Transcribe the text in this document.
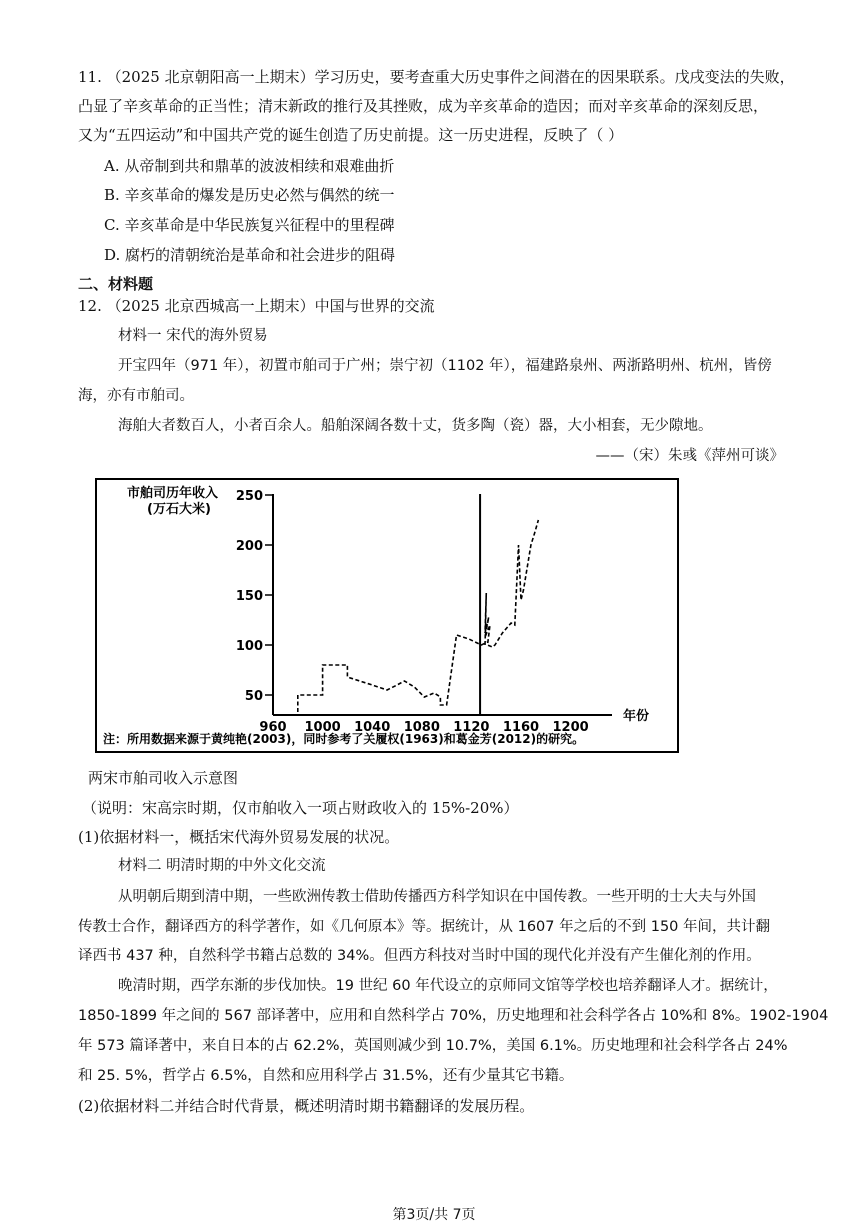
11. （2025 北京朝阳高一上期末）学习历史，要考查重大历史事件之间潜在的因果联系。戊戌变法的失败，
凸显了辛亥革命的正当性；清末新政的推行及其挫败，成为辛亥革命的造因；而对辛亥革命的深刻反思，
又为“五四运动”和中国共产党的诞生创造了历史前提。这一历史进程，反映了（ ）
A. 从帝制到共和鼎革的波波相续和艰难曲折
B. 辛亥革命的爆发是历史必然与偶然的统一
C. 辛亥革命是中华民族复兴征程中的里程碑
D. 腐朽的清朝统治是革命和社会进步的阻碍
二、材料题
12. （2025 北京西城高一上期末）中国与世界的交流
材料一 宋代的海外贸易
开宝四年（971 年），初置市舶司于广州；崇宁初（1102 年），福建路泉州、两浙路明州、杭州，皆傍
海，亦有市舶司。
海舶大者数百人，小者百余人。船舶深阔各数十丈，货多陶（瓷）器，大小相套，无少隙地。
——（宋）朱彧《萍州可谈》
市舶司历年收入
(万石大米)
250
200
150
100
50
960 1000 1040 1080 1120 1160 1200
年份
注：所用数据来源于黄纯艳(2003)，同时参考了关履权(1963)和葛金芳(2012)的研究。
两宋市舶司收入示意图
（说明：宋高宗时期，仅市舶收入一项占财政收入的 15%-20%）
(1)依据材料一，概括宋代海外贸易发展的状况。
材料二 明清时期的中外文化交流
从明朝后期到清中期，一些欧洲传教士借助传播西方科学知识在中国传教。一些开明的士大夫与外国
传教士合作，翻译西方的科学著作，如《几何原本》等。据统计，从 1607 年之后的不到 150 年间，共计翻
译西书 437 种，自然科学书籍占总数的 34%。但西方科技对当时中国的现代化并没有产生催化剂的作用。
晚清时期，西学东渐的步伐加快。19 世纪 60 年代设立的京师同文馆等学校也培养翻译人才。据统计，
1850-1899 年之间的 567 部译著中，应用和自然科学占 70%，历史地理和社会科学各占 10%和 8%。1902-1904
年 573 篇译著中，来自日本的占 62.2%，英国则减少到 10.7%，美国 6.1%。历史地理和社会科学各占 24%
和 25. 5%，哲学占 6.5%，自然和应用科学占 31.5%，还有少量其它书籍。
(2)依据材料二并结合时代背景，概述明清时期书籍翻译的发展历程。
第3页/共 7页
